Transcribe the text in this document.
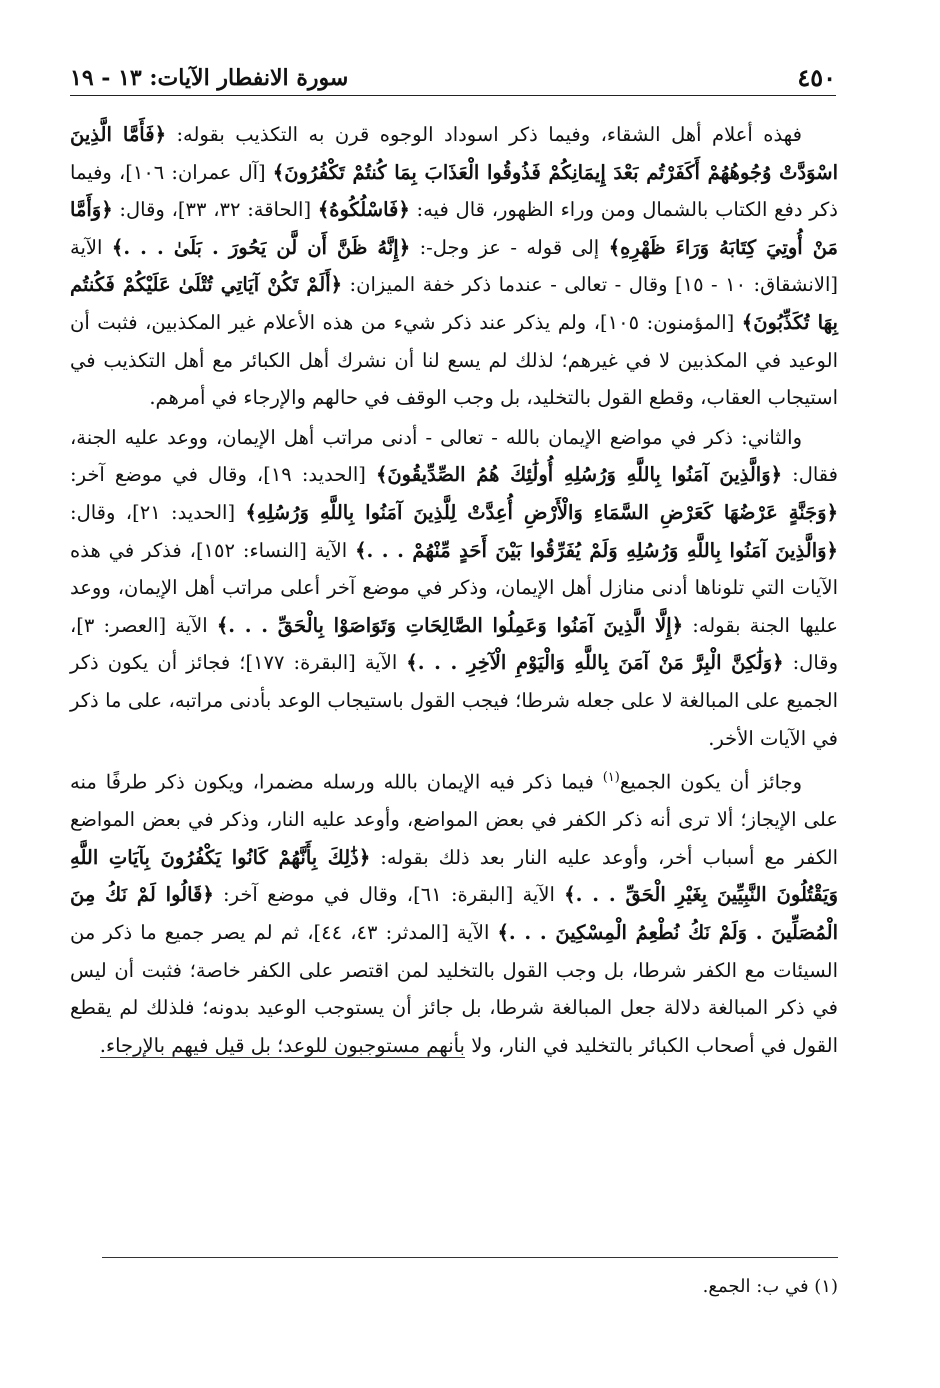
٤٥٠
سورة الانفطار الآيات: ١٣ - ١٩

فهذه أعلام أهل الشقاء، وفيما ذكر اسوداد الوجوه قرن به التكذيب بقوله: ﴿فَأَمَّا الَّذِينَ اسْوَدَّتْ وُجُوهُهُمْ أَكَفَرْتُم بَعْدَ إِيمَانِكُمْ فَذُوقُوا الْعَذَابَ بِمَا كُنتُمْ تَكْفُرُونَ﴾ [آل عمران: ١٠٦]، وفيما ذكر دفع الكتاب بالشمال ومن وراء الظهور، قال فيه: ﴿فَاسْلُكُوهُ﴾ [الحاقة: ٣٢، ٣٣]، وقال: ﴿وَأَمَّا مَنْ أُوتِيَ كِتَابَهُ وَرَاءَ ظَهْرِهِ﴾ إلى قوله - عز وجل-: ﴿إِنَّهُ ظَنَّ أَن لَّن يَحُورَ . بَلَىٰ . . .﴾ الآية [الانشقاق: ١٠ - ١٥] وقال - تعالى - عندما ذكر خفة الميزان: ﴿أَلَمْ تَكُنْ آيَاتِي تُتْلَىٰ عَلَيْكُمْ فَكُنتُم بِهَا تُكَذِّبُونَ﴾ [المؤمنون: ١٠٥]، ولم يذكر عند ذكر شيء من هذه الأعلام غير المكذبين، فثبت أن الوعيد في المكذبين لا في غيرهم؛ لذلك لم يسع لنا أن نشرك أهل الكبائر مع أهل التكذيب في استيجاب العقاب، وقطع القول بالتخليد، بل وجب الوقف في حالهم والإرجاء في أمرهم.

والثاني: ذكر في مواضع الإيمان بالله - تعالى - أدنى مراتب أهل الإيمان، ووعد عليه الجنة، فقال: ﴿وَالَّذِينَ آمَنُوا بِاللَّهِ وَرُسُلِهِ أُولَٰئِكَ هُمُ الصِّدِّيقُونَ﴾ [الحديد: ١٩]، وقال في موضع آخر: ﴿وَجَنَّةٍ عَرْضُهَا كَعَرْضِ السَّمَاءِ وَالْأَرْضِ أُعِدَّتْ لِلَّذِينَ آمَنُوا بِاللَّهِ وَرُسُلِهِ﴾ [الحديد: ٢١]، وقال: ﴿وَالَّذِينَ آمَنُوا بِاللَّهِ وَرُسُلِهِ وَلَمْ يُفَرِّقُوا بَيْنَ أَحَدٍ مِّنْهُمْ . . .﴾ الآية [النساء: ١٥٢]، فذكر في هذه الآيات التي تلوناها أدنى منازل أهل الإيمان، وذكر في موضع آخر أعلى مراتب أهل الإيمان، ووعد عليها الجنة بقوله: ﴿إِلَّا الَّذِينَ آمَنُوا وَعَمِلُوا الصَّالِحَاتِ وَتَوَاصَوْا بِالْحَقِّ . . .﴾ الآية [العصر: ٣]، وقال: ﴿وَلَٰكِنَّ الْبِرَّ مَنْ آمَنَ بِاللَّهِ وَالْيَوْمِ الْآخِرِ . . .﴾ الآية [البقرة: ١٧٧]؛ فجائز أن يكون ذكر الجميع على المبالغة لا على جعله شرطا؛ فيجب القول باستيجاب الوعد بأدنى مراتبه، على ما ذكر في الآيات الأخر.

وجائز أن يكون الجميع$^{(١)}$ فيما ذكر فيه الإيمان بالله ورسله مضمرا، ويكون ذكر طرفًا منه على الإيجاز؛ ألا ترى أنه ذكر الكفر في بعض المواضع، وأوعد عليه النار، وذكر في بعض المواضع الكفر مع أسباب أخر، وأوعد عليه النار بعد ذلك بقوله: ﴿ذَٰلِكَ بِأَنَّهُمْ كَانُوا يَكْفُرُونَ بِآيَاتِ اللَّهِ وَيَقْتُلُونَ النَّبِيِّينَ بِغَيْرِ الْحَقِّ . . .﴾ الآية [البقرة: ٦١]، وقال في موضع آخر: ﴿قَالُوا لَمْ نَكُ مِنَ الْمُصَلِّينَ . وَلَمْ نَكُ نُطْعِمُ الْمِسْكِينَ . . .﴾ الآية [المدثر: ٤٣، ٤٤]، ثم لم يصر جميع ما ذكر من السيئات مع الكفر شرطا، بل وجب القول بالتخليد لمن اقتصر على الكفر خاصة؛ فثبت أن ليس في ذكر المبالغة دلالة جعل المبالغة شرطا، بل جائز أن يستوجب الوعيد بدونه؛ فلذلك لم يقطع القول في أصحاب الكبائر بالتخليد في النار، ولا بأنهم مستوجبون للوعد؛ بل قيل فيهم بالإرجاء.

(١) في ب: الجمع.
